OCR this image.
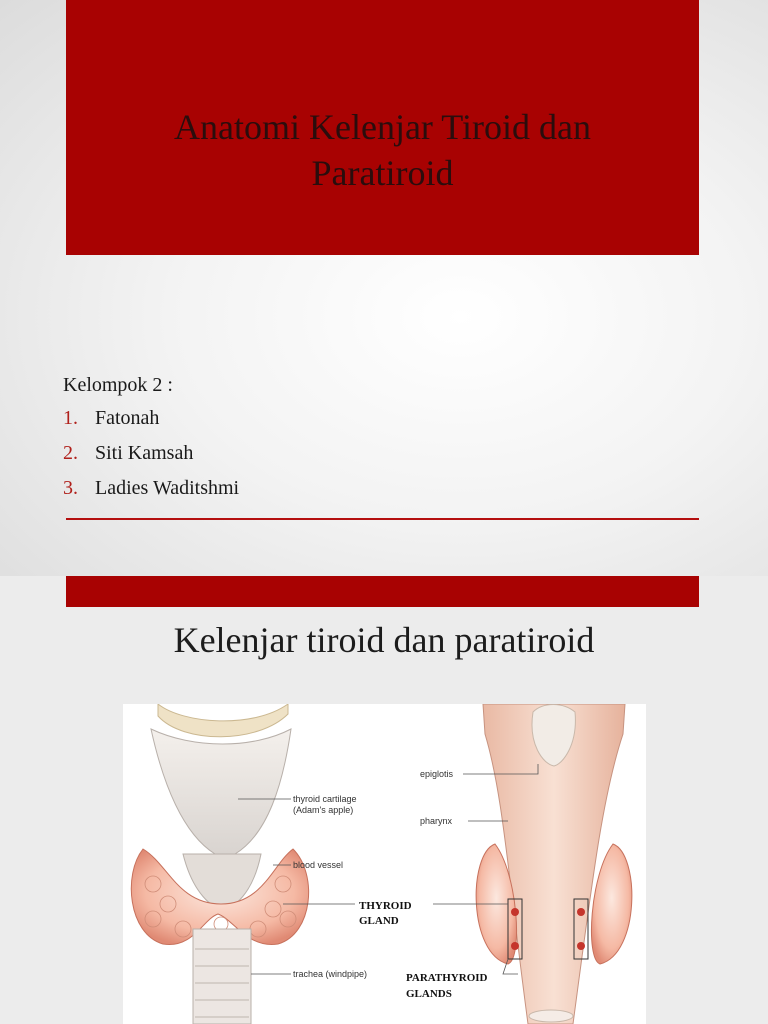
Anatomi Kelenjar Tiroid dan
Paratiroid
Kelompok 2 :
1. Fatonah
2. Siti Kamsah
3. Ladies Waditshmi
Kelenjar tiroid dan paratiroid
thyroid cartilage
(Adam's apple)
blood vessel
THYROID
GLAND
trachea (windpipe)
epiglotis
pharynx
PARATHYROID
GLANDS
